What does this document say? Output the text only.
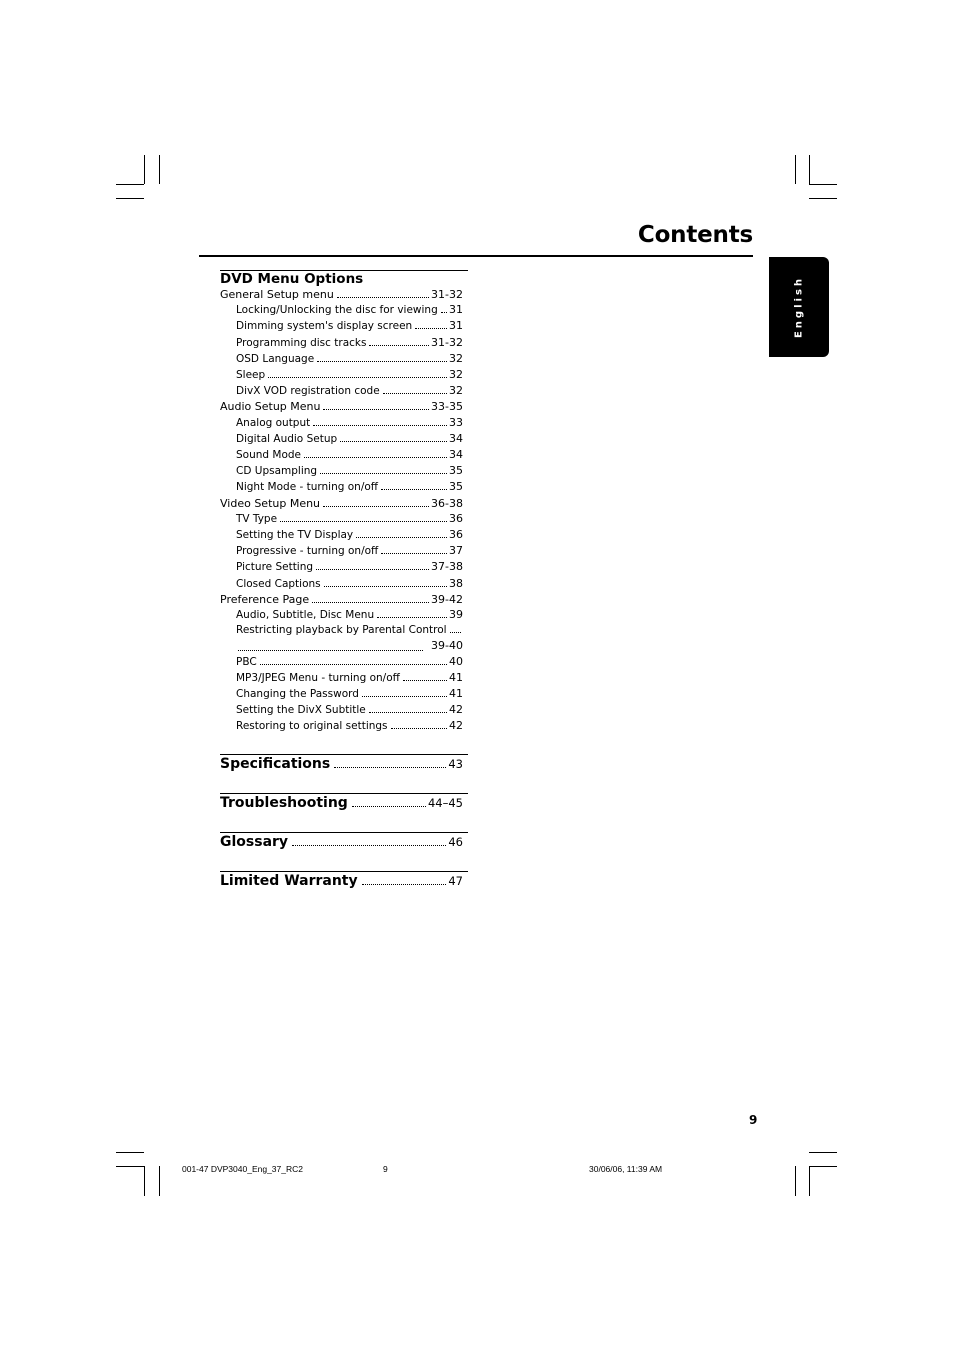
Contents
English
DVD Menu Options
General Setup menu	31-32
Locking/Unlocking the disc for viewing 31
Dimming system's display screen	31
Programming disc tracks	31-32
OSD Language	32
Sleep	32
DivX VOD registration code	32
Audio Setup Menu	33-35
Analog output	33
Digital Audio Setup	34
Sound Mode	34
CD Upsampling	35
Night Mode - turning on/off	35
Video Setup Menu	36-38
TV Type	36
Setting the TV Display	36
Progressive - turning on/off	37
Picture Setting	37-38
Closed Captions	38
Preference Page	39-42
Audio, Subtitle, Disc Menu	39
Restricting playback by Parental Control
39-40
PBC	40
MP3/JPEG Menu - turning on/off	41
Changing the Password	41
Setting the DivX Subtitle	42
Restoring to original settings	42
Specifications	43
Troubleshooting	44–45
Glossary	46
Limited Warranty	47
9
001-47 DVP3040_Eng_37_RC2	9	30/06/06, 11:39 AM
